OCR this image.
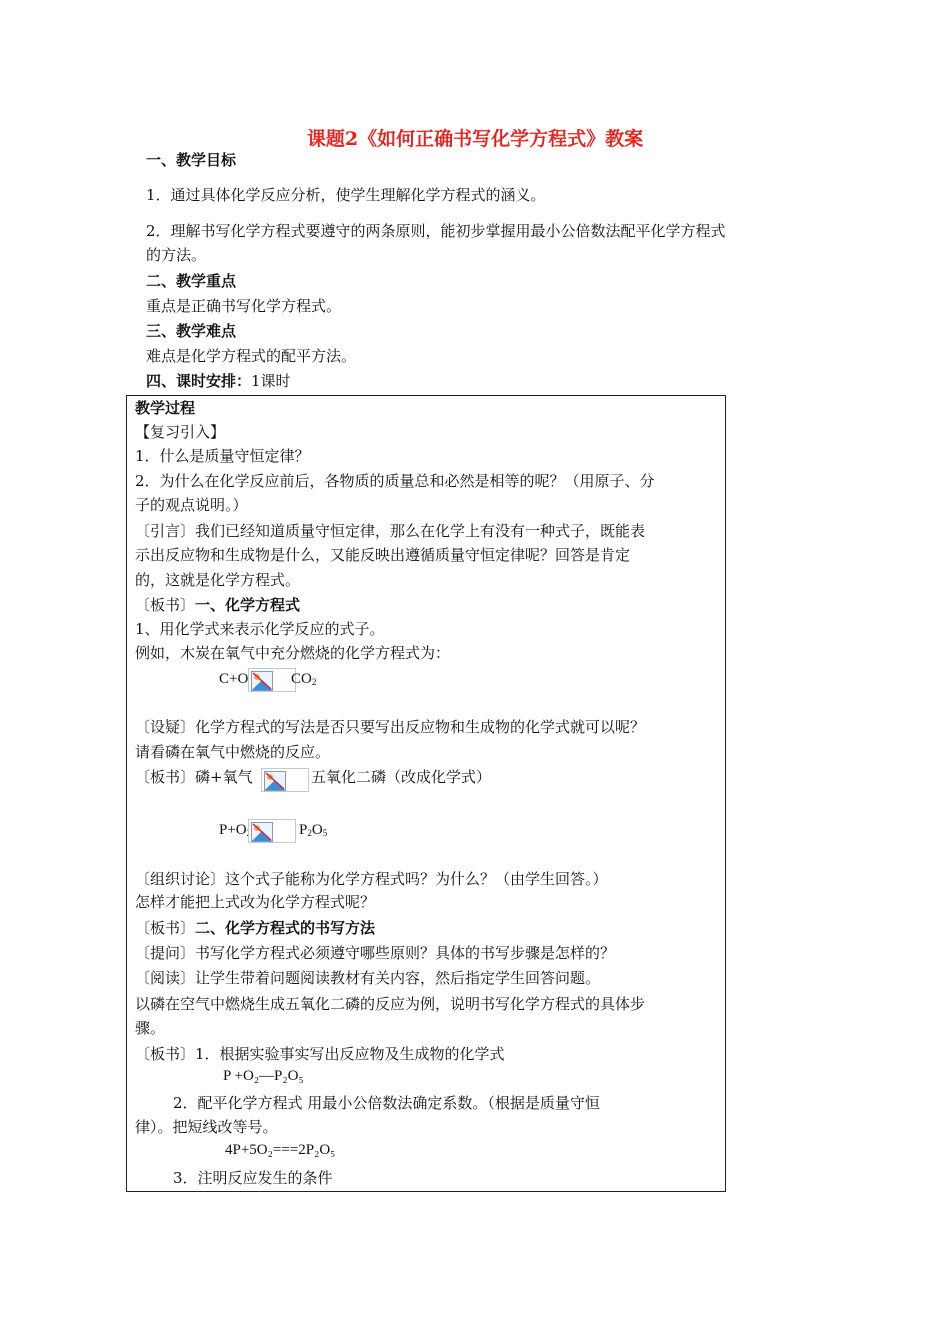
课题2《如何正确书写化学方程式》教案
一、教学目标
1．通过具体化学反应分析，使学生理解化学方程式的涵义。
2．理解书写化学方程式要遵守的两条原则，能初步掌握用最小公倍数法配平化学方程式
的方法。
二、教学重点
重点是正确书写化学方程式。
三、教学难点
难点是化学方程式的配平方法。
四、课时安排：1课时
教学过程
【复习引入】
1．什么是质量守恒定律？
2．为什么在化学反应前后，各物质的质量总和必然是相等的呢？（用原子、分
子的观点说明。）
〔引言〕我们已经知道质量守恒定律，那么在化学上有没有一种式子，既能表
示出反应物和生成物是什么，又能反映出遵循质量守恒定律呢？回答是肯定
的，这就是化学方程式。
〔板书〕一、化学方程式
1、用化学式来表示化学反应的式子。
例如，木炭在氧气中充分燃烧的化学方程式为：
C+O	$CO_2$
〔设疑〕化学方程式的写法是否只要写出反应物和生成物的化学式就可以呢？
请看磷在氧气中燃烧的反应。
〔板书〕磷+氧气	五氧化二磷（改成化学式）
P+O	$P_2O_5$
〔组织讨论〕这个式子能称为化学方程式吗？为什么？（由学生回答。）
怎样才能把上式改为化学方程式呢？
〔板书〕二、化学方程式的书写方法
〔提问〕书写化学方程式必须遵守哪些原则？具体的书写步骤是怎样的？
〔阅读〕让学生带着问题阅读教材有关内容，然后指定学生回答问题。
以磷在空气中燃烧生成五氧化二磷的反应为例，说明书写化学方程式的具体步
骤。
〔板书〕1．根据实验事实写出反应物及生成物的化学式
P +O₂—P₂O₅
2．配平化学方程式 用最小公倍数法确定系数。（根据是质量守恒
律）。把短线改等号。
4P+5O₂===2P₂O₅
3．注明反应发生的条件
